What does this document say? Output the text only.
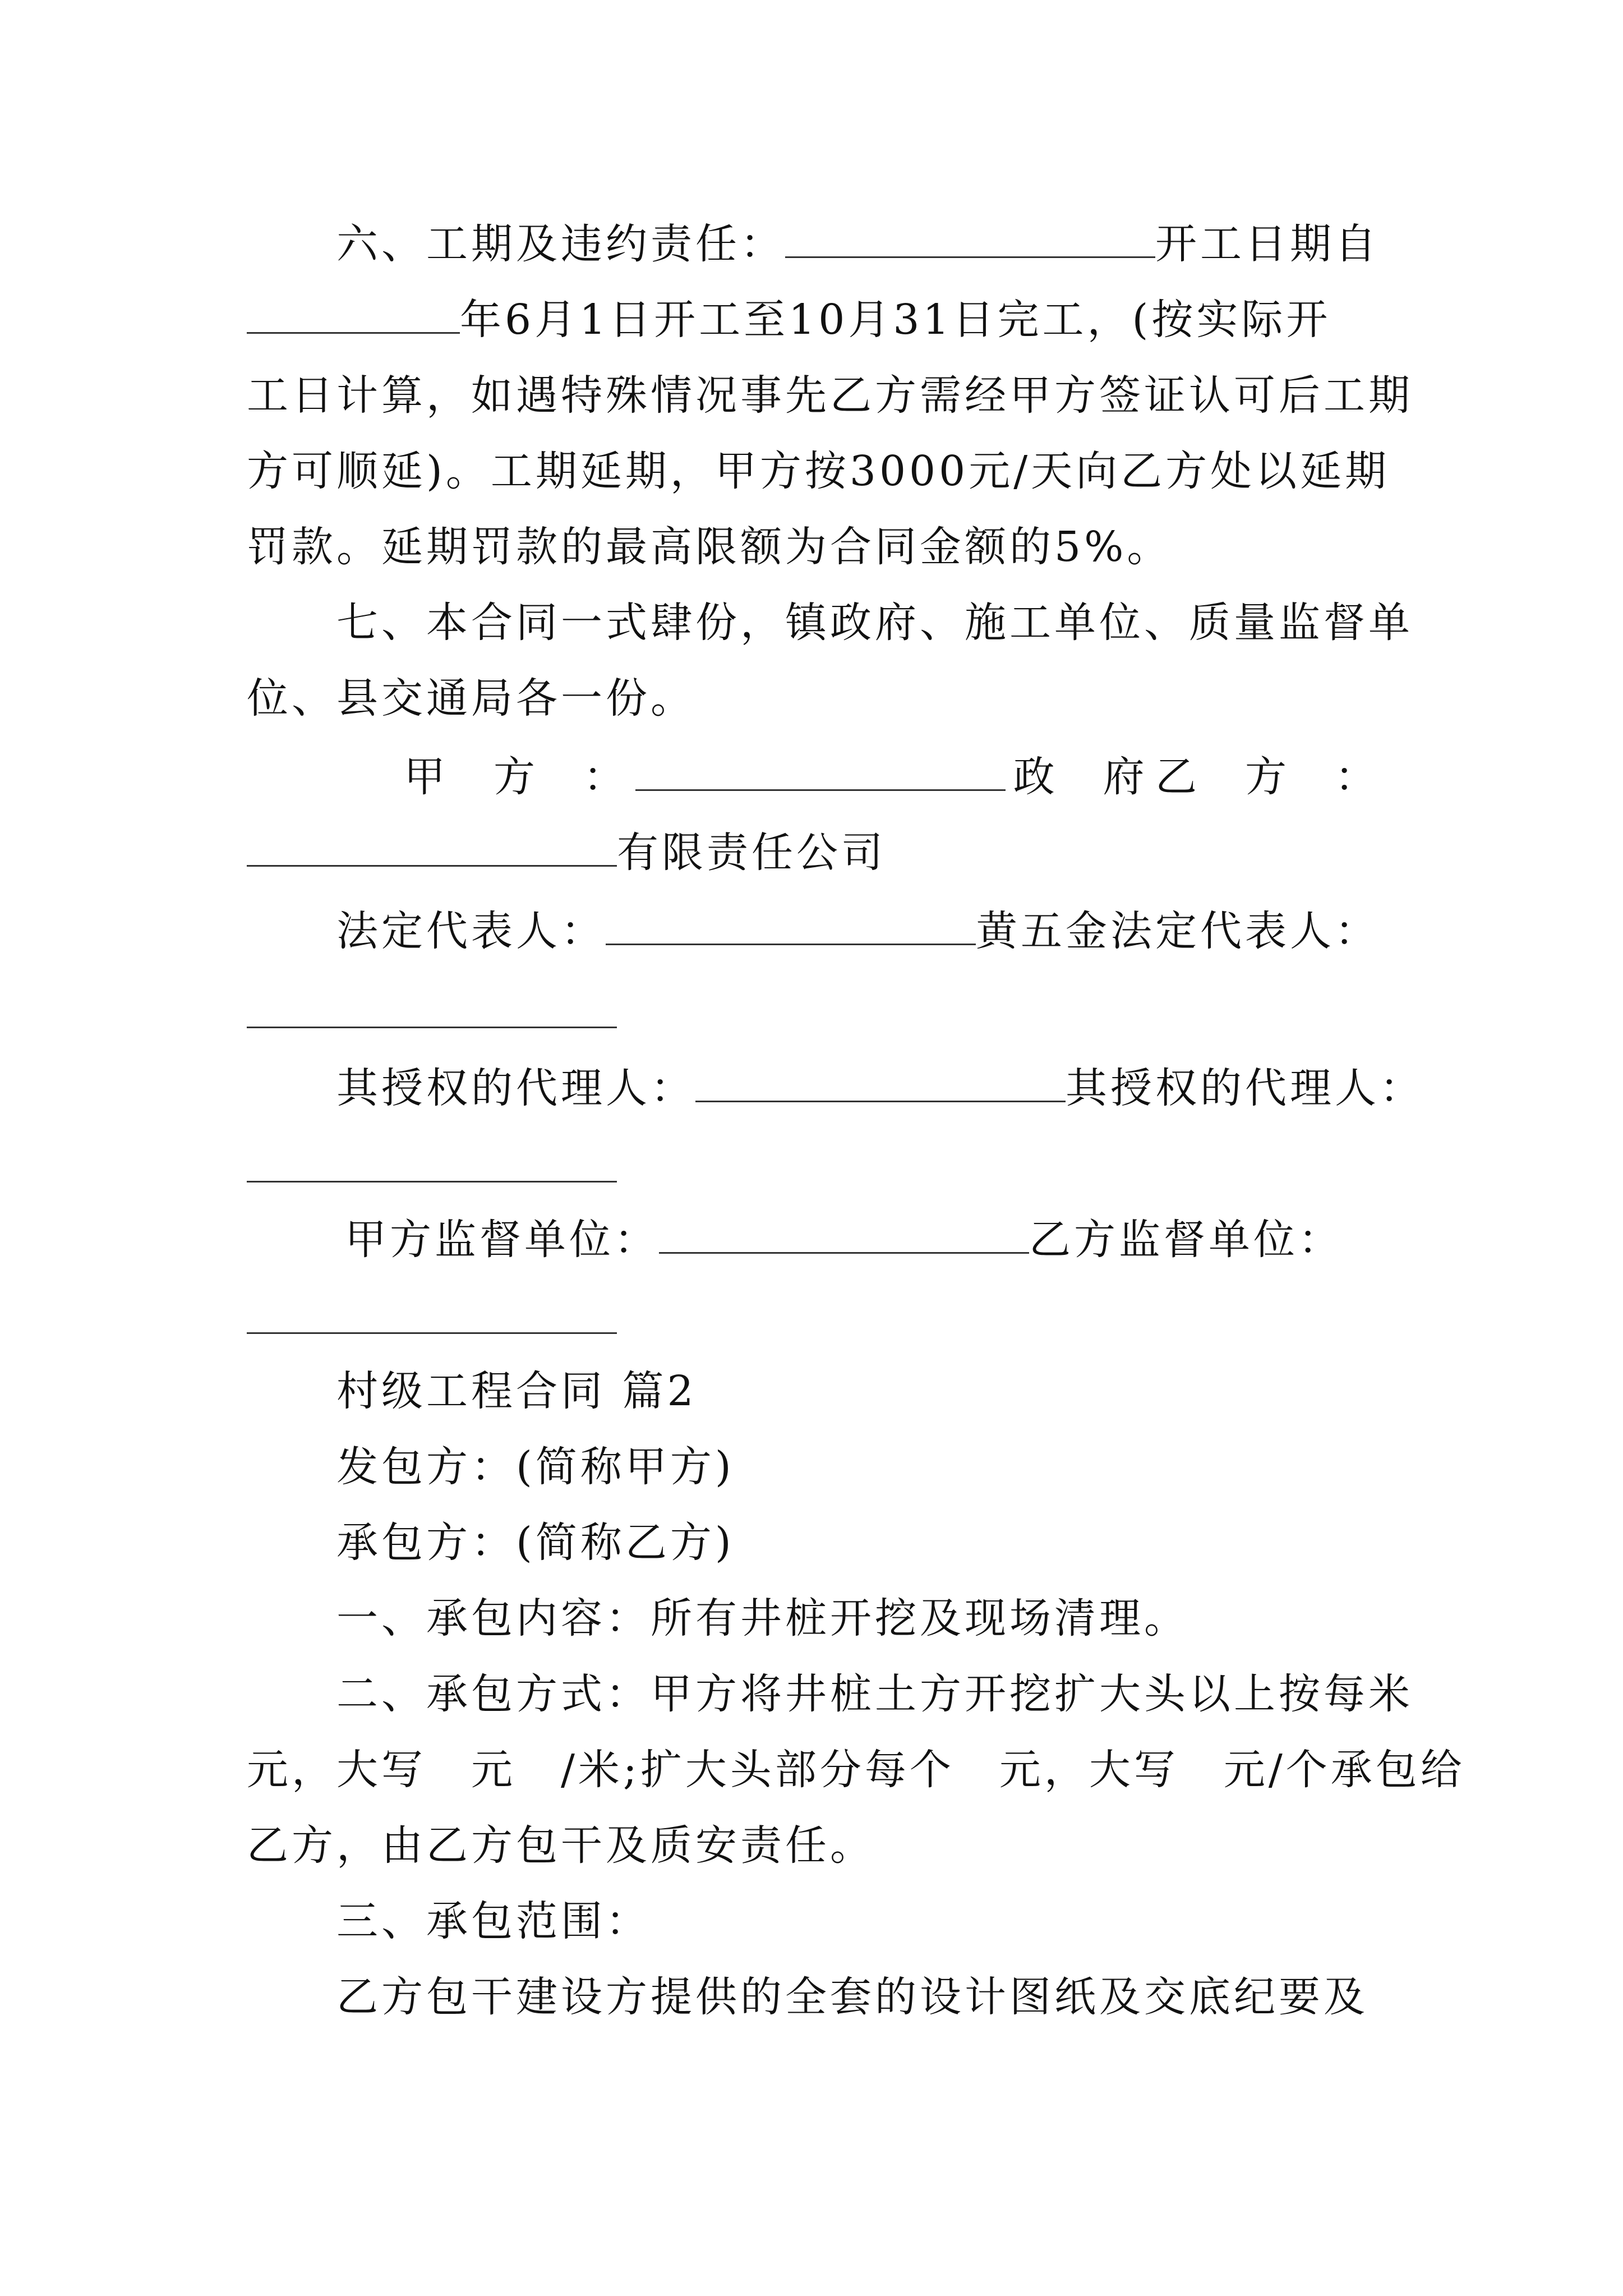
六、工期及违约责任：	开工日期自
年6月1日开工至10月31日完工，(按实际开
工日计算，如遇特殊情况事先乙方需经甲方签证认可后工期
方可顺延)。工期延期，甲方按3000元/天向乙方处以延期
罚款。延期罚款的最高限额为合同金额的5%。
七、本合同一式肆份，镇政府、施工单位、质量监督单
位、县交通局各一份。
甲　方　：	政　府 乙　方　：
有限责任公司
法定代表人：	黄五金法定代表人：
其授权的代理人：	其授权的代理人：
甲方监督单位：	乙方监督单位：
村级工程合同 篇2
发包方：(简称甲方)
承包方：(简称乙方)
一、承包内容：所有井桩开挖及现场清理。
二、承包方式：甲方将井桩土方开挖扩大头以上按每米
元，大写　元　/米;扩大头部分每个　元，大写　元/个承包给
乙方，由乙方包干及质安责任。
三、承包范围：
乙方包干建设方提供的全套的设计图纸及交底纪要及
